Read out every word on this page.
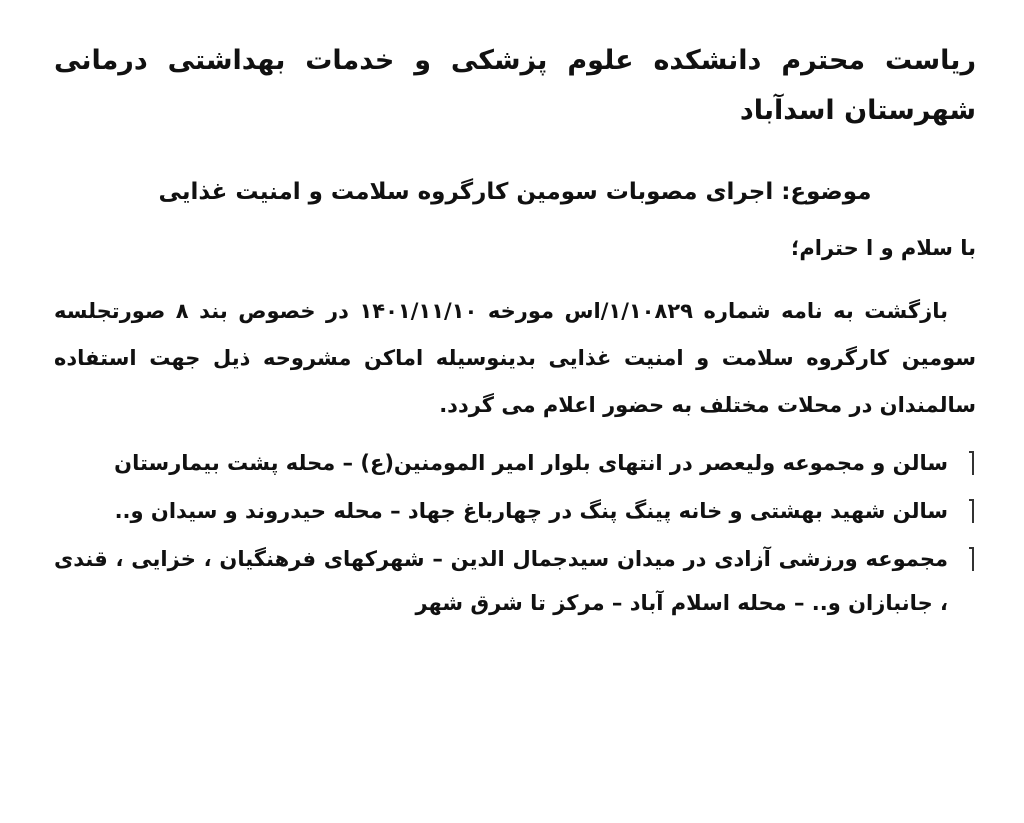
ریاست محترم دانشکده علوم پزشکی و خدمات بهداشتی درمانی شهرستان اسدآباد

موضوع: اجرای مصوبات سومین کارگروه سلامت و امنیت غذایی

با سلام و ا حترام؛

بازگشت به نامه شماره ۱/۱۰۸۲۹/اس مورخه ۱۴۰۱/۱۱/۱۰ در خصوص بند ۸ صورتجلسه سومین کارگروه سلامت و امنیت غذایی بدینوسیله اماکن مشروحه ذیل جهت استفاده سالمندان در محلات مختلف به حضور اعلام می گردد.

سالن و مجموعه ولیعصر در انتهای بلوار امیر المومنین(ع) – محله پشت بیمارستان
سالن شهید بهشتی و خانه پینگ پنگ در چهارباغ جهاد – محله حیدروند و سیدان و..
مجموعه ورزشی آزادی در میدان سیدجمال الدین – شهرکهای فرهنگیان ، خزایی ، قندی ، جانبازان و.. – محله اسلام آباد – مرکز تا شرق شهر
